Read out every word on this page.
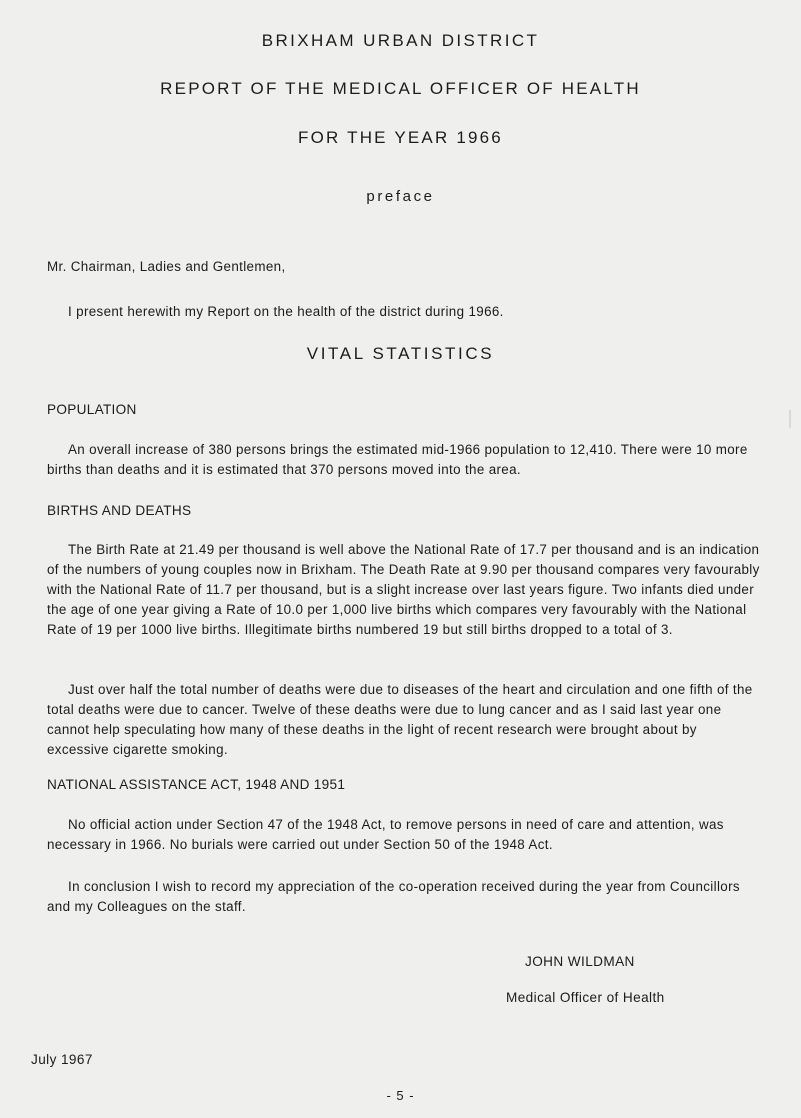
BRIXHAM URBAN DISTRICT
REPORT OF THE MEDICAL OFFICER OF HEALTH
FOR THE YEAR 1966

preface

Mr. Chairman, Ladies and Gentlemen,

I present herewith my Report on the health of the district during 1966.

VITAL STATISTICS
POPULATION

An overall increase of 380 persons brings the estimated mid-1966 population to 12,410. There were 10 more births than deaths and it is estimated that 370 persons moved into the area.

BIRTHS AND DEATHS

The Birth Rate at 21.49 per thousand is well above the National Rate of 17.7 per thousand and is an indication of the numbers of young couples now in Brixham. The Death Rate at 9.90 per thousand compares very favourably with the National Rate of 11.7 per thousand, but is a slight increase over last years figure. Two infants died under the age of one year giving a Rate of 10.0 per 1,000 live births which compares very favourably with the National Rate of 19 per 1000 live births. Illegitimate births numbered 19 but still births dropped to a total of 3.

Just over half the total number of deaths were due to diseases of the heart and circulation and one fifth of the total deaths were due to cancer. Twelve of these deaths were due to lung cancer and as I said last year one cannot help speculating how many of these deaths in the light of recent research were brought about by excessive cigarette smoking.

NATIONAL ASSISTANCE ACT, 1948 AND 1951

No official action under Section 47 of the 1948 Act, to remove persons in need of care and attention, was necessary in 1966. No burials were carried out under Section 50 of the 1948 Act.

In conclusion I wish to record my appreciation of the co-operation received during the year from Councillors and my Colleagues on the staff.

JOHN WILDMAN

Medical Officer of Health

July 1967

- 5 -
